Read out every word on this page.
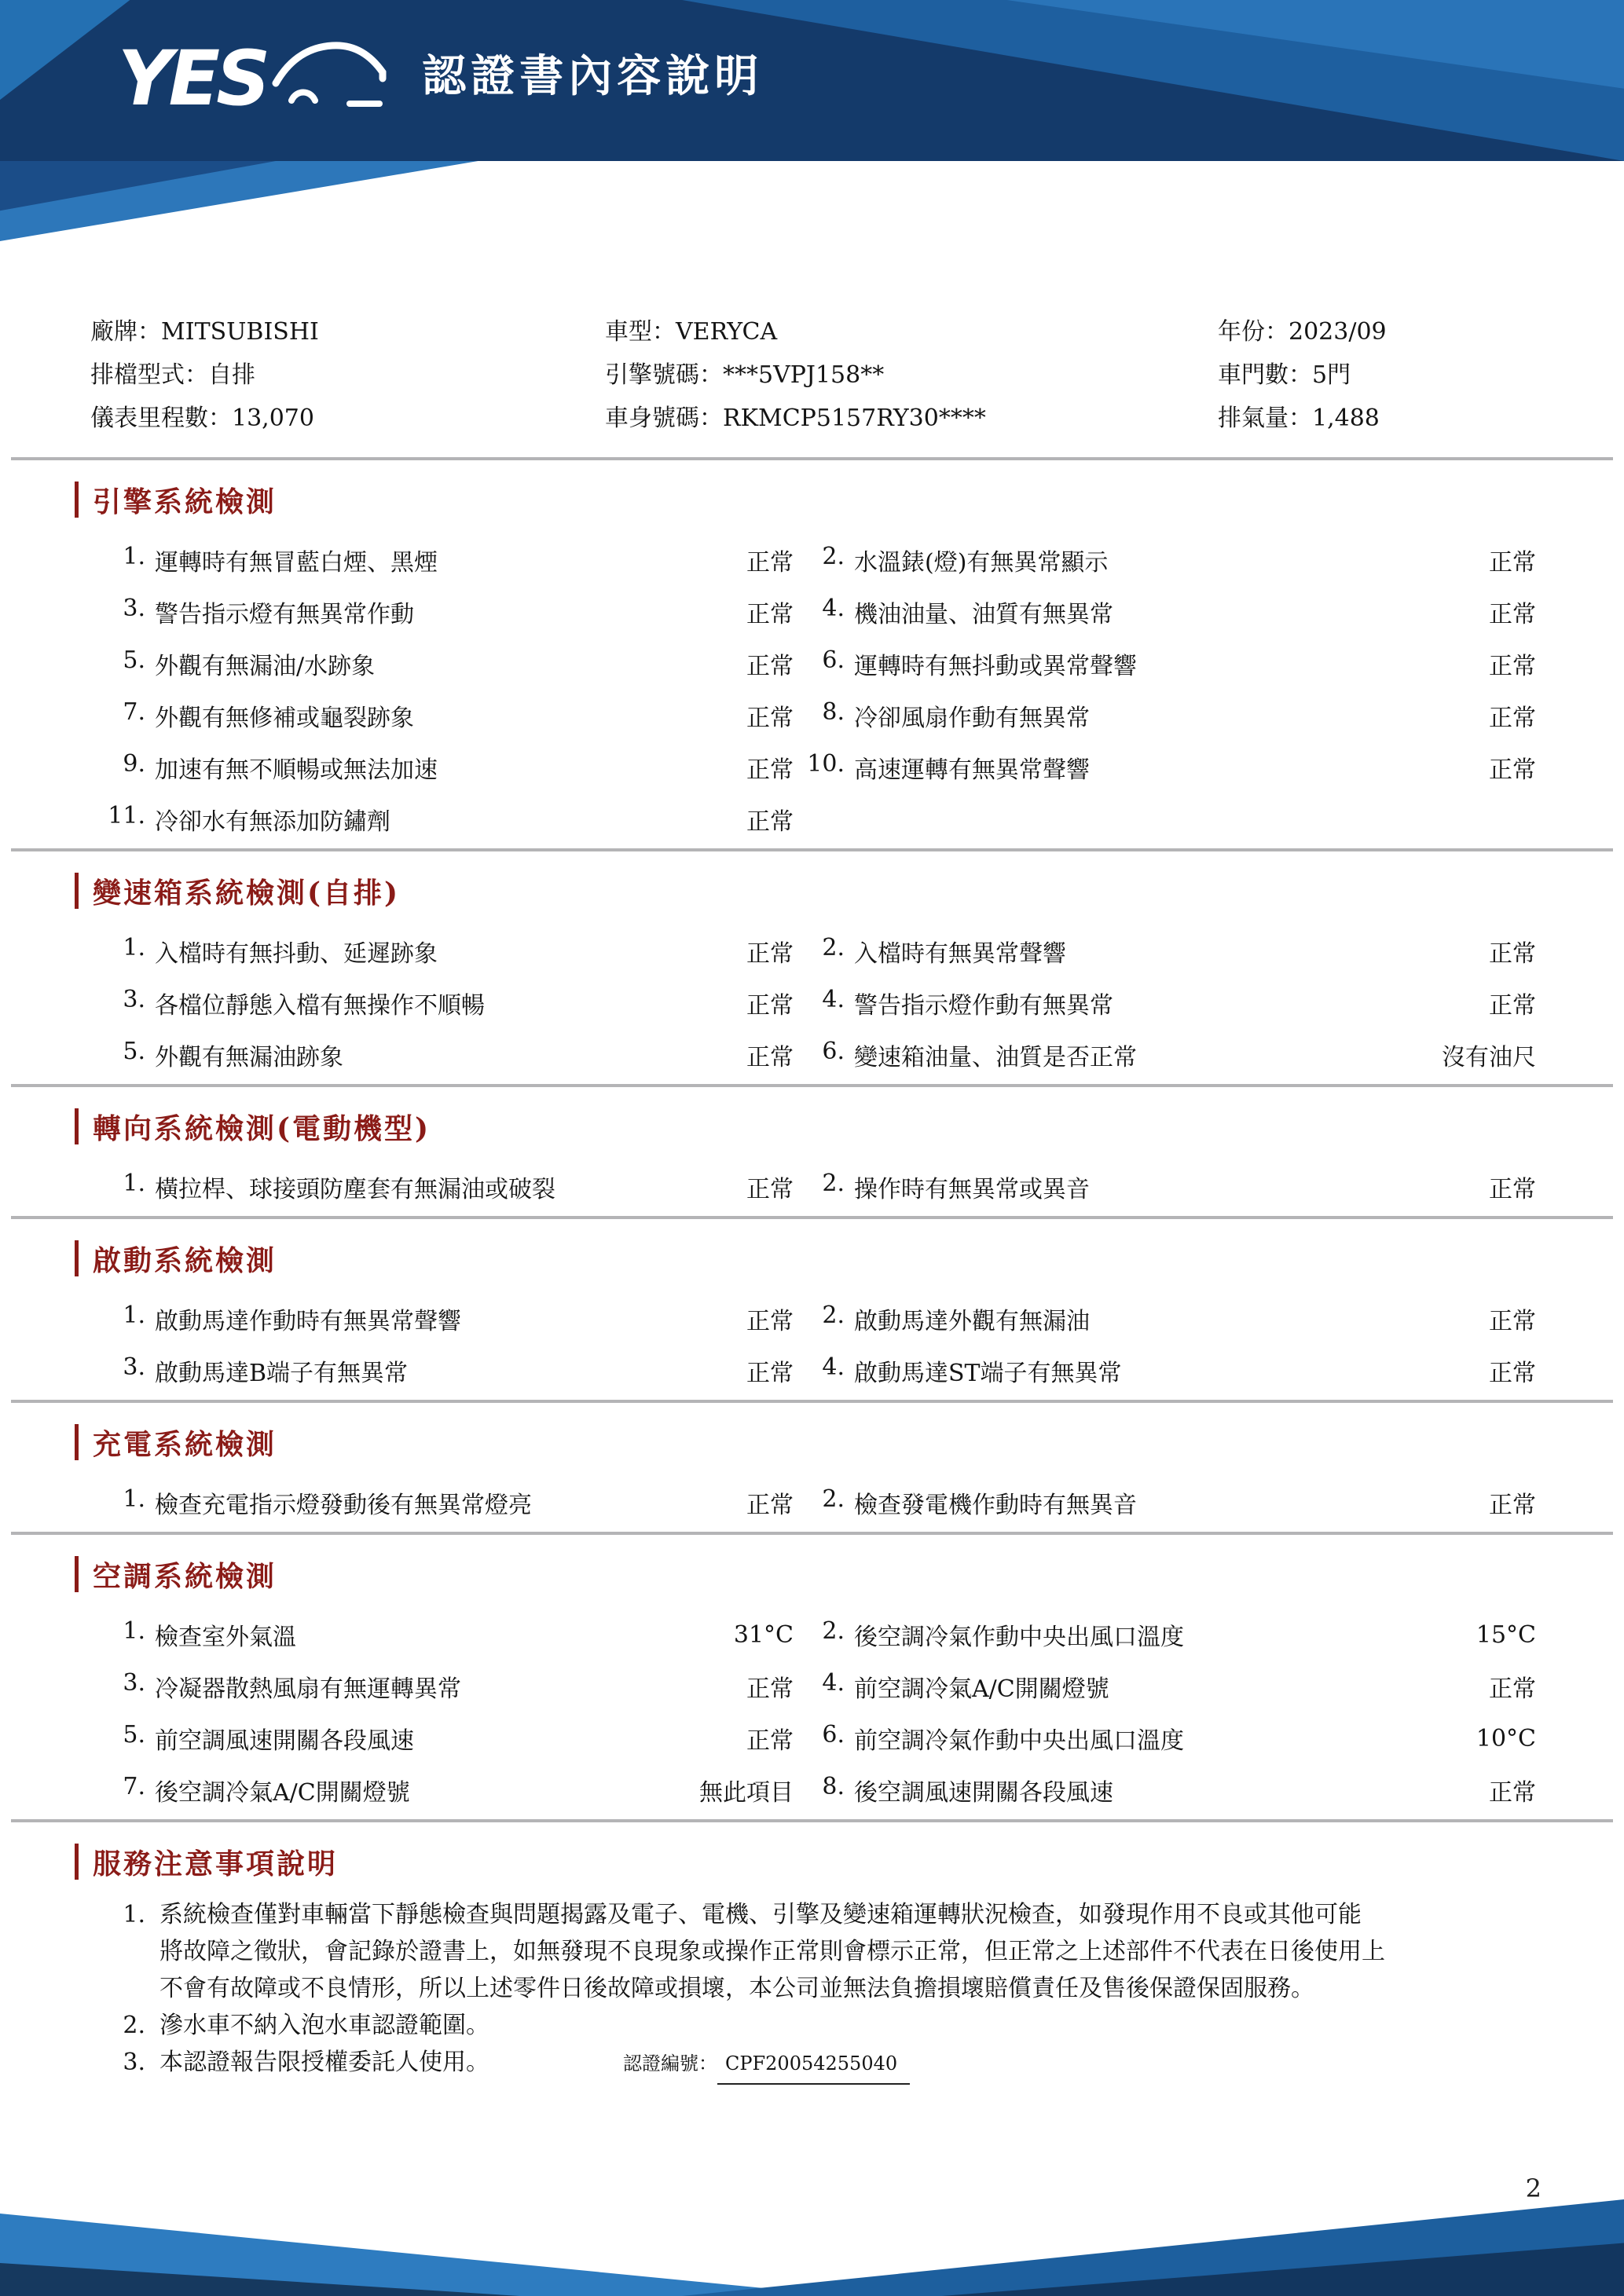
YES	認證書內容說明
廠牌：MITSUBISHI
排檔型式：自排
儀表里程數：13,070
車型：VERYCA
引擎號碼：***5VPJ158**
車身號碼：RKMCP5157RY30****
年份：2023/09
車門數：5門
排氣量：1,488
引擎系統檢測
1. 運轉時有無冒藍白煙、黑煙	正常	2. 水溫錶(燈)有無異常顯示	正常
3. 警告指示燈有無異常作動	正常	4. 機油油量、油質有無異常	正常
5. 外觀有無漏油/水跡象	正常	6. 運轉時有無抖動或異常聲響	正常
7. 外觀有無修補或龜裂跡象	正常	8. 冷卻風扇作動有無異常	正常
9. 加速有無不順暢或無法加速	正常 10. 高速運轉有無異常聲響	正常
11. 冷卻水有無添加防鏽劑	正常
變速箱系統檢測(自排)
1. 入檔時有無抖動、延遲跡象	正常	2. 入檔時有無異常聲響	正常
3. 各檔位靜態入檔有無操作不順暢	正常	4. 警告指示燈作動有無異常	正常
5. 外觀有無漏油跡象	正常	6. 變速箱油量、油質是否正常	沒有油尺
轉向系統檢測(電動機型)
1. 橫拉桿、球接頭防塵套有無漏油或破裂	正常	2. 操作時有無異常或異音	正常
啟動系統檢測
1. 啟動馬達作動時有無異常聲響	正常	2. 啟動馬達外觀有無漏油	正常
3. 啟動馬達B端子有無異常	正常	4. 啟動馬達ST端子有無異常	正常
充電系統檢測
1. 檢查充電指示燈發動後有無異常燈亮	正常	2. 檢查發電機作動時有無異音	正常
空調系統檢測
1. 檢查室外氣溫	31°C	2. 後空調冷氣作動中央出風口溫度	15°C
3. 冷凝器散熱風扇有無運轉異常	正常	4. 前空調冷氣A/C開關燈號	正常
5. 前空調風速開關各段風速	正常	6. 前空調冷氣作動中央出風口溫度	10°C
7. 後空調冷氣A/C開關燈號	無此項目	8. 後空調風速開關各段風速	正常
服務注意事項說明
1. 系統檢查僅對車輛當下靜態檢查與問題揭露及電子、電機、引擎及變速箱運轉狀況檢查，如發現作用不良或其他可能
將故障之徵狀，會記錄於證書上，如無發現不良現象或操作正常則會標示正常，但正常之上述部件不代表在日後使用上
不會有故障或不良情形，所以上述零件日後故障或損壞，本公司並無法負擔損壞賠償責任及售後保證保固服務。
2. 滲水車不納入泡水車認證範圍。
3. 本認證報告限授權委託人使用。	認證編號： CPF20054255040
2
